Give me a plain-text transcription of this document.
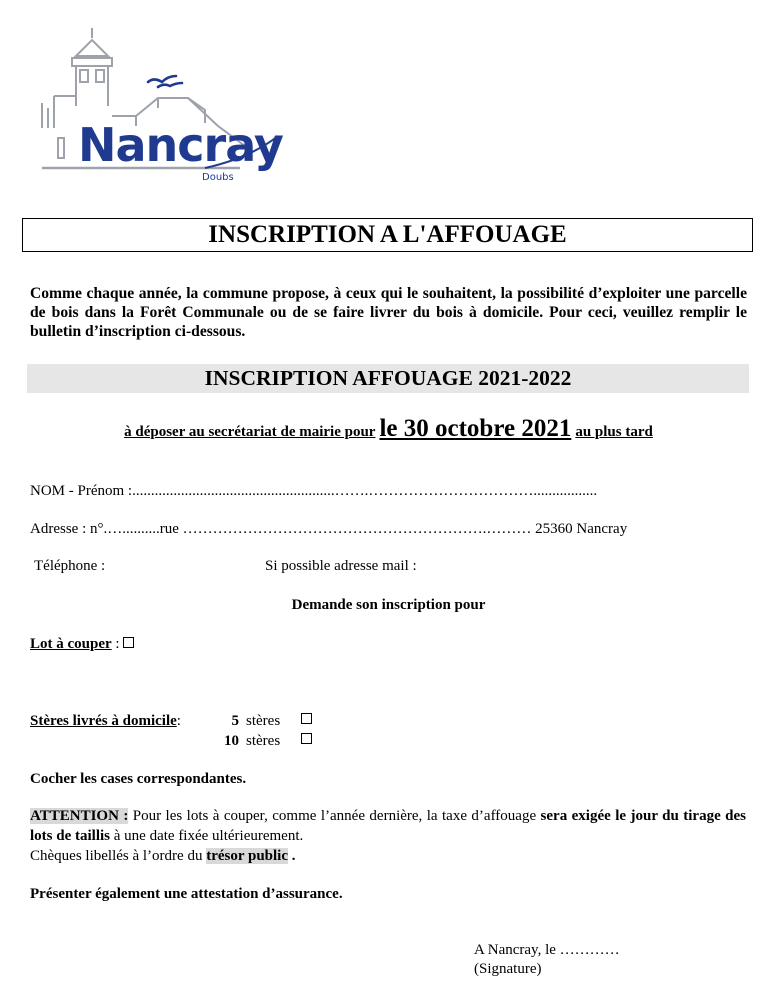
Nancray
Doubs
INSCRIPTION A L'AFFOUAGE
Comme chaque année, la commune propose, à ceux qui le souhaitent, la possibilité d’exploiter une parcelle de bois dans la Forêt Communale ou de se faire livrer du bois à domicile. Pour ceci, veuillez remplir le bulletin d’inscription ci-dessous.
INSCRIPTION AFFOUAGE 2021-2022
à déposer au secrétariat de mairie pour le 30 octobre 2021 au plus tard
NOM - Prénom :......................................................…….…………………………….................
Adresse : n°.…..........rue …………………………………………………….……… 25360 Nancray
Téléphone :	Si possible adresse mail :
Demande son inscription pour
Lot à couper :
Stères livrés à domicile:	5 stères
10 stères
Cocher les cases correspondantes.
ATTENTION : Pour les lots à couper, comme l’année dernière, la taxe d’affouage sera exigée le jour du tirage des lots de taillis à une date fixée ultérieurement.
Chèques libellés à l’ordre du trésor public .
Présenter également une attestation d’assurance.
A Nancray, le …………
(Signature)
